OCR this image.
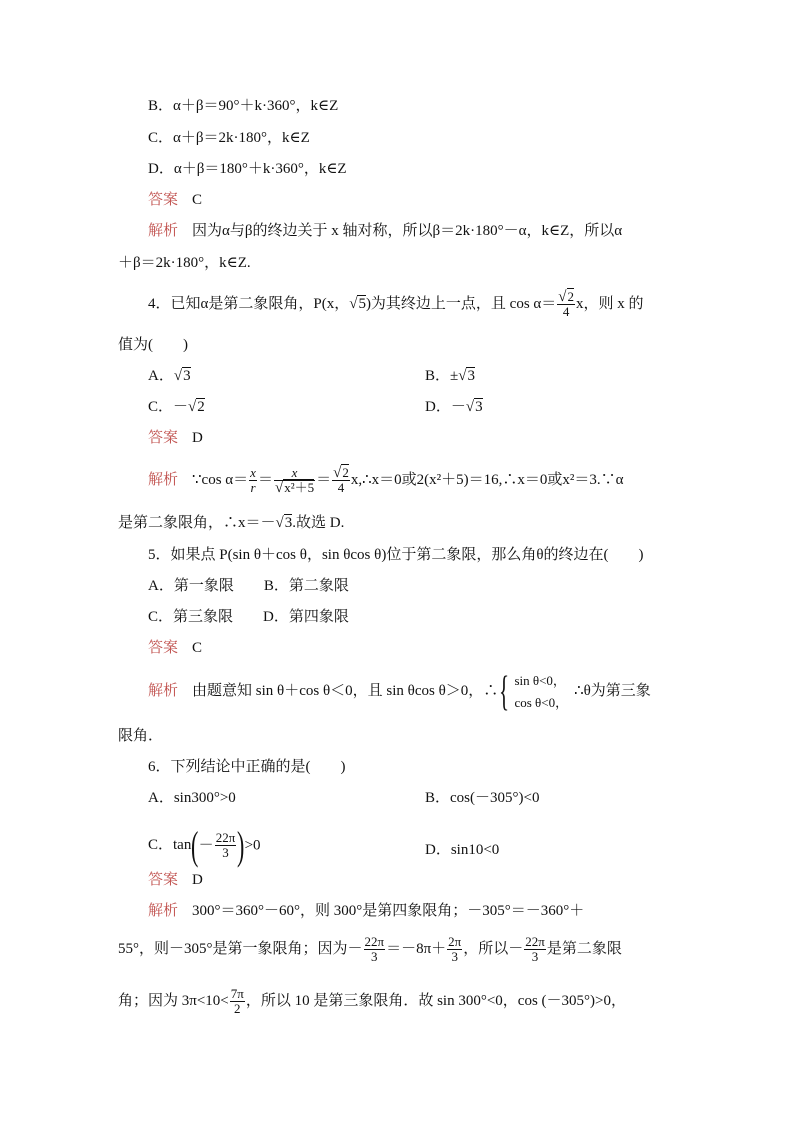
B．α＋β＝90°＋k·360°，k∈Z
C．α＋β＝2k·180°，k∈Z
D．α＋β＝180°＋k·360°，k∈Z
答案 C
解析 因为α与β的终边关于 x 轴对称，所以β＝2k·180°－α，k∈Z，所以α
＋β＝2k·180°，k∈Z.
4．已知α是第二象限角，P(x，√5)为其终边上一点，且 $\cos \alpha= \frac{√2}{4}$ x，则 x 的
值为(　　)
A．√3	B．±√3
C．－√2	D．－√3
答案 D
解析 ∵cos $\alpha= \frac{x}{r} = \frac{x}{\text{√x²＋5}} = \frac{√2}{4}$ x,∴x＝0或2(x²＋5)＝16,∴x＝0或x²＝3.∵α
是第二象限角，∴x＝－√3.故选 D.
5．如果点 P(sin θ＋cos θ，sin θcos θ)位于第二象限，那么角θ的终边在(　　)
A．第一象限　　B．第二象限
C．第三象限　　D．第四象限
答案 C
解析 由题意知 sin θ＋cos θ＜0，且 sin θcos θ＞0，∴{ sin θ<0，
cos θ<0，
∴θ为第三象
限角．
6．下列结论中正确的是(　　)
A．sin300°>0	B．cos(－305°)<0
C．$\tan(- \frac{22\pi}{3} )>0$	D．sin10<0
答案 D
解析 300°＝360°－60°，则 300°是第四象限角；－305°＝－360°＋
55°，则－305°是第一象限角；因为－ $\frac{22\pi}{3} =-8\pi+ \frac{2\pi}{3}$ ，所以－ $\frac{22\pi}{3}$ 是第二象限
角；因为 $3\pi<10< \frac{7\pi}{2}$ ，所以 10 是第三象限角．故 sin 300°<0，cos (－305°)>0，
